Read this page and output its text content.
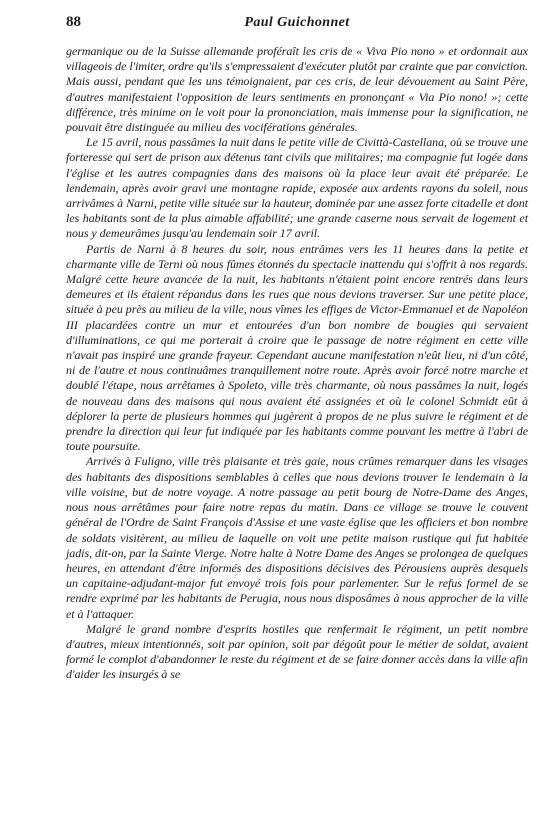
88	Paul Guichonnet

germanique ou de la Suisse allemande proféraît les cris de « Viva Pio nono » et ordonnait aux villageois de l'imiter, ordre qu'ils s'empressaient d'exécuter plutôt par crainte que par conviction. Mais aussi, pendant que les uns témoignaient, par ces cris, de leur dévouement au Saint Père, d'autres manifestaient l'opposition de leurs sentiments en prononçant « Via Pio nono! »; cette différence, très minime on le voit pour la prononciation, mais immense pour la signification, ne pouvait être distinguée au milieu des vociférations générales.

Le 15 avril, nous passâmes la nuit dans le petite ville de Civittà-Castellana, où se trouve une forteresse qui sert de prison aux détenus tant civils que militaires; ma compagnie fut logée dans l'église et les autres compagnies dans des maisons où la place leur avait été préparée. Le lendemain, après avoir gravi une montagne rapide, exposée aux ardents rayons du soleil, nous arrivâmes à Narni, petite ville située sur la hauteur, dominée par une assez forte citadelle et dont les habitants sont de la plus aimable affabilité; une grande caserne nous servait de logement et nous y demeurâmes jusqu'au lendemain soir 17 avril.

Partis de Narni à 8 heures du soir, nous entrâmes vers les 11 heures dans la petite et charmante ville de Terni où nous fûmes étonnés du spectacle inattendu qui s'offrit à nos regards. Malgré cette heure avancée de la nuit, les habitants n'étaient point encore rentrés dans leurs demeures et ils étaient répandus dans les rues que nous devions traverser. Sur une petite place, située à peu près au milieu de la ville, nous vîmes les effiges de Victor-Emmanuel et de Napoléon III placardées contre un mur et entourées d'un bon nombre de bougies qui servaient d'illuminations, ce qui me porterait à croire que le passage de notre régiment en cette ville n'avait pas inspiré une grande frayeur. Cependant aucune manifestation n'eût lieu, ni d'un côté, ni de l'autre et nous continuâmes tranquillement notre route. Après avoir forcé notre marche et doublé l'étape, nous arrêtames à Spoleto, ville très charmante, où nous passâmes la nuit, logés de nouveau dans des maisons qui nous avaient été assignées et où le colonel Schmidt eût à déplorer la perte de plusieurs hommes qui jugèrent à propos de ne plus suivre le régiment et de prendre la direction qui leur fut indiquée par les habitants comme pouvant les mettre à l'abri de toute poursuite.

Arrivés à Fuligno, ville très plaisante et très gaie, nous crûmes remarquer dans les visages des habitants des dispositions semblables à celles que nous devions trouver le lendemain à la ville voisine, but de notre voyage. A notre passage au petit bourg de Notre-Dame des Anges, nous nous arrêtâmes pour faire notre repas du matin. Dans ce village se trouve le couvent général de l'Ordre de Saint François d'Assise et une vaste église que les officiers et bon nombre de soldats visitèrent, au milieu de laquelle on voit une petite maison rustique qui fut habitée jadis, dit-on, par la Sainte Vierge. Notre halte à Notre Dame des Anges se prolongea de quelques heures, en attendant d'être informés des dispositions décisives des Pérousiens auprès desquels un capitaine-adjudant-major fut envoyé trois fois pour parlementer. Sur le refus formel de se rendre exprimé par les habitants de Perugia, nous nous disposâmes à nous approcher de la ville et à l'attaquer.

Malgré le grand nombre d'esprits hostiles que renfermait le régiment, un petit nombre d'autres, mieux intentionnés, soit par opinion, soit par dégoût pour le métier de soldat, avaient formé le complot d'abandonner le reste du régiment et de se faire donner accès dans la ville afin d'aider les insurgés à se
